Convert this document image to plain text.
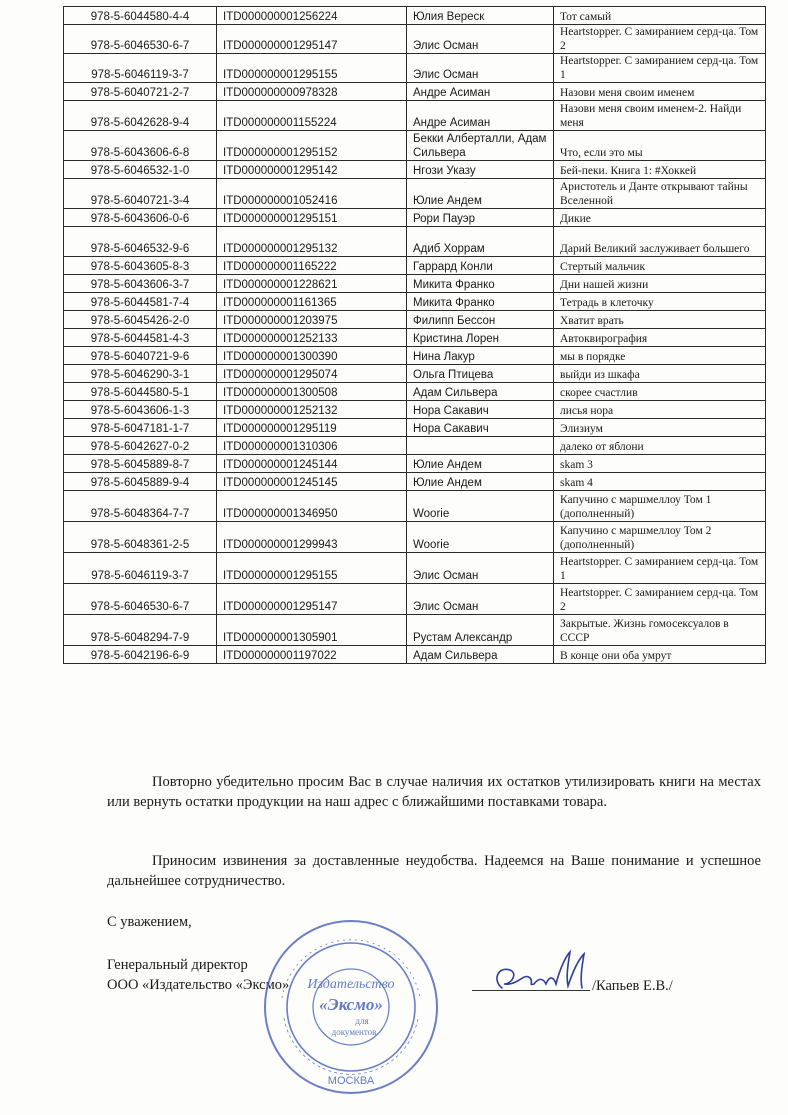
978-5-6044580-4-4	ITD000000001256224	Юлия Вереск	Тот самый
978-5-6046530-6-7	ITD000000001295147	Элис Осман	Heartstopper. С замиранием серд-ца. Том 2
978-5-6046119-3-7	ITD000000001295155	Элис Осман	Heartstopper. С замиранием серд-ца. Том 1
978-5-6040721-2-7	ITD000000000978328	Андре Асиман	Назови меня своим именем
978-5-6042628-9-4	ITD000000001155224	Андре Асиман	Назови меня своим именем-2. Найди меня
978-5-6043606-6-8	ITD000000001295152	Бекки Алберталли, Адам Сильвера	Что, если это мы
978-5-6046532-1-0	ITD000000001295142	Нгози Указу	Бей-пеки. Книга 1: #Хоккей
978-5-6040721-3-4	ITD000000001052416	Юлие Андем	Аристотель и Данте открывают тайны Вселенной
978-5-6043606-0-6	ITD000000001295151	Рори Пауэр	Дикие
978-5-6046532-9-6	ITD000000001295132	Адиб Хоррам	Дарий Великий заслуживает большего
978-5-6043605-8-3	ITD000000001165222	Гаррард Конли	Стертый мальчик
978-5-6043606-3-7	ITD000000001228621	Микита Франко	Дни нашей жизни
978-5-6044581-7-4	ITD000000001161365	Микита Франко	Тетрадь в клеточку
978-5-6045426-2-0	ITD000000001203975	Филипп Бессон	Хватит врать
978-5-6044581-4-3	ITD000000001252133	Кристина Лорен	Автоквирография
978-5-6040721-9-6	ITD000000001300390	Нина Лакур	мы в порядке
978-5-6046290-3-1	ITD000000001295074	Ольга Птицева	выйди из шкафа
978-5-6044580-5-1	ITD000000001300508	Адам Сильвера	скорее счастлив
978-5-6043606-1-3	ITD000000001252132	Нора Сакавич	лисья нора
978-5-6047181-1-7	ITD000000001295119	Нора Сакавич	Элизиум
978-5-6042627-0-2	ITD000000001310306		далеко от яблони
978-5-6045889-8-7	ITD000000001245144	Юлие Андем	skam 3
978-5-6045889-9-4	ITD000000001245145	Юлие Андем	skam 4
978-5-6048364-7-7	ITD000000001346950	Woorie	Капучино с маршмеллоу Том 1 (дополненный)
978-5-6048361-2-5	ITD000000001299943	Woorie	Капучино с маршмеллоу Том 2 (дополненный)
978-5-6046119-3-7	ITD000000001295155	Элис Осман	Heartstopper. С замиранием серд-ца. Том 1
978-5-6046530-6-7	ITD000000001295147	Элис Осман	Heartstopper. С замиранием серд-ца. Том 2
978-5-6048294-7-9	ITD000000001305901	Рустам Александр	Закрытые. Жизнь гомосексуалов в СССР
978-5-6042196-6-9	ITD000000001197022	Адам Сильвера	В конце они оба умрут
Повторно убедительно просим Вас в случае наличия их остатков утилизировать книги на местах или вернуть остатки продукции на наш адрес с ближайшими поставками товара.
Приносим извинения за доставленные неудобства. Надеемся на Ваше понимание и успешное дальнейшее сотрудничество.
С уважением,
Генеральный директор
ООО «Издательство «Эксмо» Издательство
«Эксмо»
для
документов
МОСКВА
/Капьев Е.В./
